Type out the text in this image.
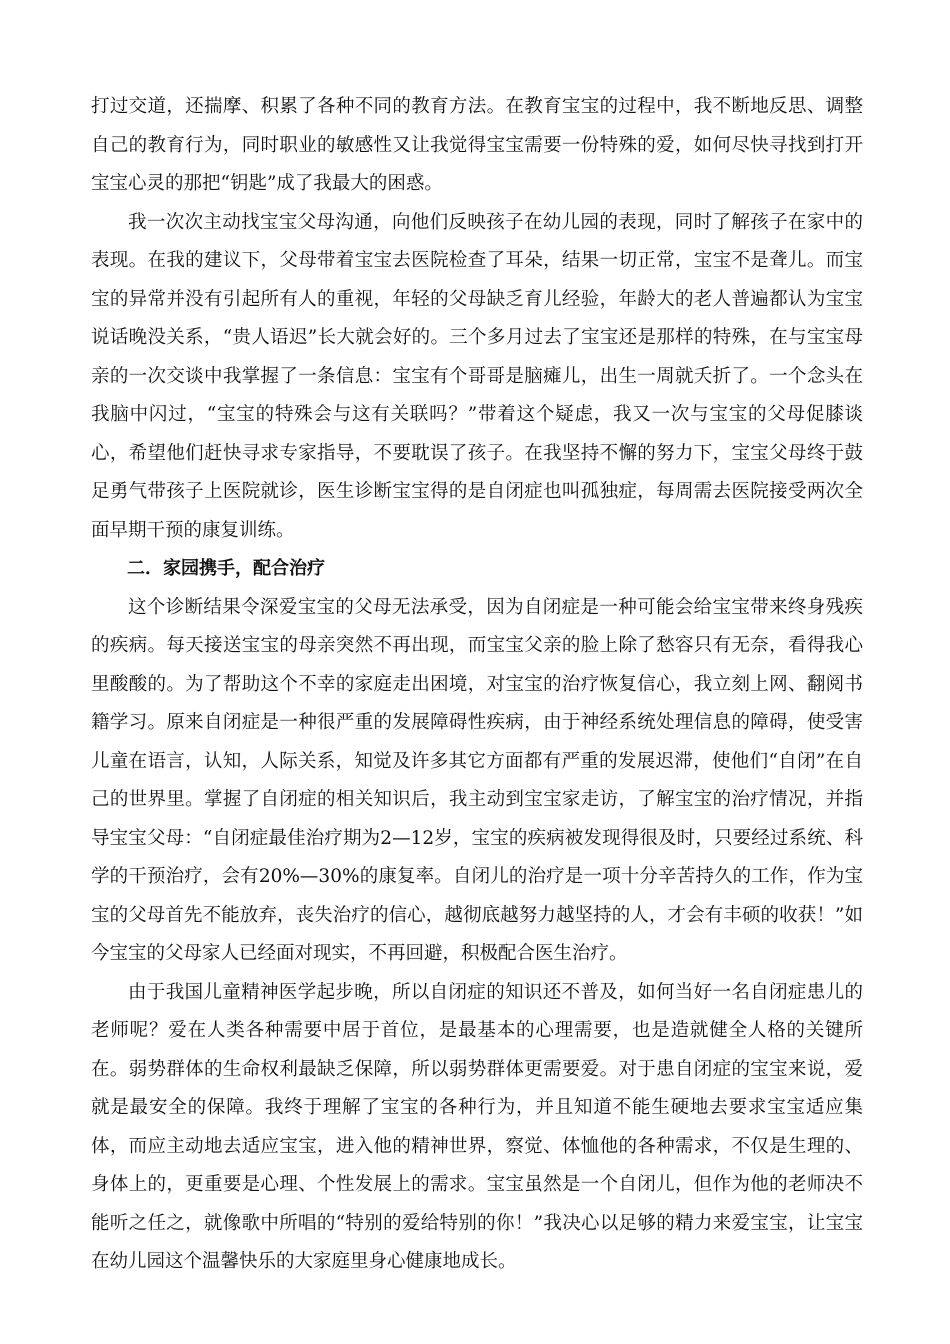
打过交道，还揣摩、积累了各种不同的教育方法。在教育宝宝的过程中，我不断地反思、调整自己的教育行为，同时职业的敏感性又让我觉得宝宝需要一份特殊的爱，如何尽快寻找到打开宝宝心灵的那把“钥匙”成了我最大的困惑。

我一次次主动找宝宝父母沟通，向他们反映孩子在幼儿园的表现，同时了解孩子在家中的表现。在我的建议下，父母带着宝宝去医院检查了耳朵，结果一切正常，宝宝不是聋儿。而宝宝的异常并没有引起所有人的重视，年轻的父母缺乏育儿经验，年龄大的老人普遍都认为宝宝说话晚没关系，“贵人语迟”长大就会好的。三个多月过去了宝宝还是那样的特殊，在与宝宝母亲的一次交谈中我掌握了一条信息：宝宝有个哥哥是脑瘫儿，出生一周就夭折了。一个念头在我脑中闪过，“宝宝的特殊会与这有关联吗？”带着这个疑虑，我又一次与宝宝的父母促膝谈心，希望他们赶快寻求专家指导，不要耽误了孩子。在我坚持不懈的努力下，宝宝父母终于鼓足勇气带孩子上医院就诊，医生诊断宝宝得的是自闭症也叫孤独症，每周需去医院接受两次全面早期干预的康复训练。

二．家园携手，配合治疗

这个诊断结果令深爱宝宝的父母无法承受，因为自闭症是一种可能会给宝宝带来终身残疾的疾病。每天接送宝宝的母亲突然不再出现，而宝宝父亲的脸上除了愁容只有无奈，看得我心里酸酸的。为了帮助这个不幸的家庭走出困境，对宝宝的治疗恢复信心，我立刻上网、翻阅书籍学习。原来自闭症是一种很严重的发展障碍性疾病，由于神经系统处理信息的障碍，使受害儿童在语言，认知，人际关系，知觉及许多其它方面都有严重的发展迟滞，使他们“自闭”在自己的世界里。掌握了自闭症的相关知识后，我主动到宝宝家走访，了解宝宝的治疗情况，并指导宝宝父母：“自闭症最佳治疗期为2—12岁，宝宝的疾病被发现得很及时，只要经过系统、科学的干预治疗，会有20%—30%的康复率。自闭儿的治疗是一项十分辛苦持久的工作，作为宝宝的父母首先不能放弃，丧失治疗的信心，越彻底越努力越坚持的人，才会有丰硕的收获！”如今宝宝的父母家人已经面对现实，不再回避，积极配合医生治疗。

由于我国儿童精神医学起步晚，所以自闭症的知识还不普及，如何当好一名自闭症患儿的老师呢？爱在人类各种需要中居于首位，是最基本的心理需要，也是造就健全人格的关键所在。弱势群体的生命权利最缺乏保障，所以弱势群体更需要爱。对于患自闭症的宝宝来说，爱就是最安全的保障。我终于理解了宝宝的各种行为，并且知道不能生硬地去要求宝宝适应集体，而应主动地去适应宝宝，进入他的精神世界，察觉、体恤他的各种需求，不仅是生理的、身体上的，更重要是心理、个性发展上的需求。宝宝虽然是一个自闭儿，但作为他的老师决不能听之任之，就像歌中所唱的“特别的爱给特别的你！”我决心以足够的精力来爱宝宝，让宝宝在幼儿园这个温馨快乐的大家庭里身心健康地成长。
